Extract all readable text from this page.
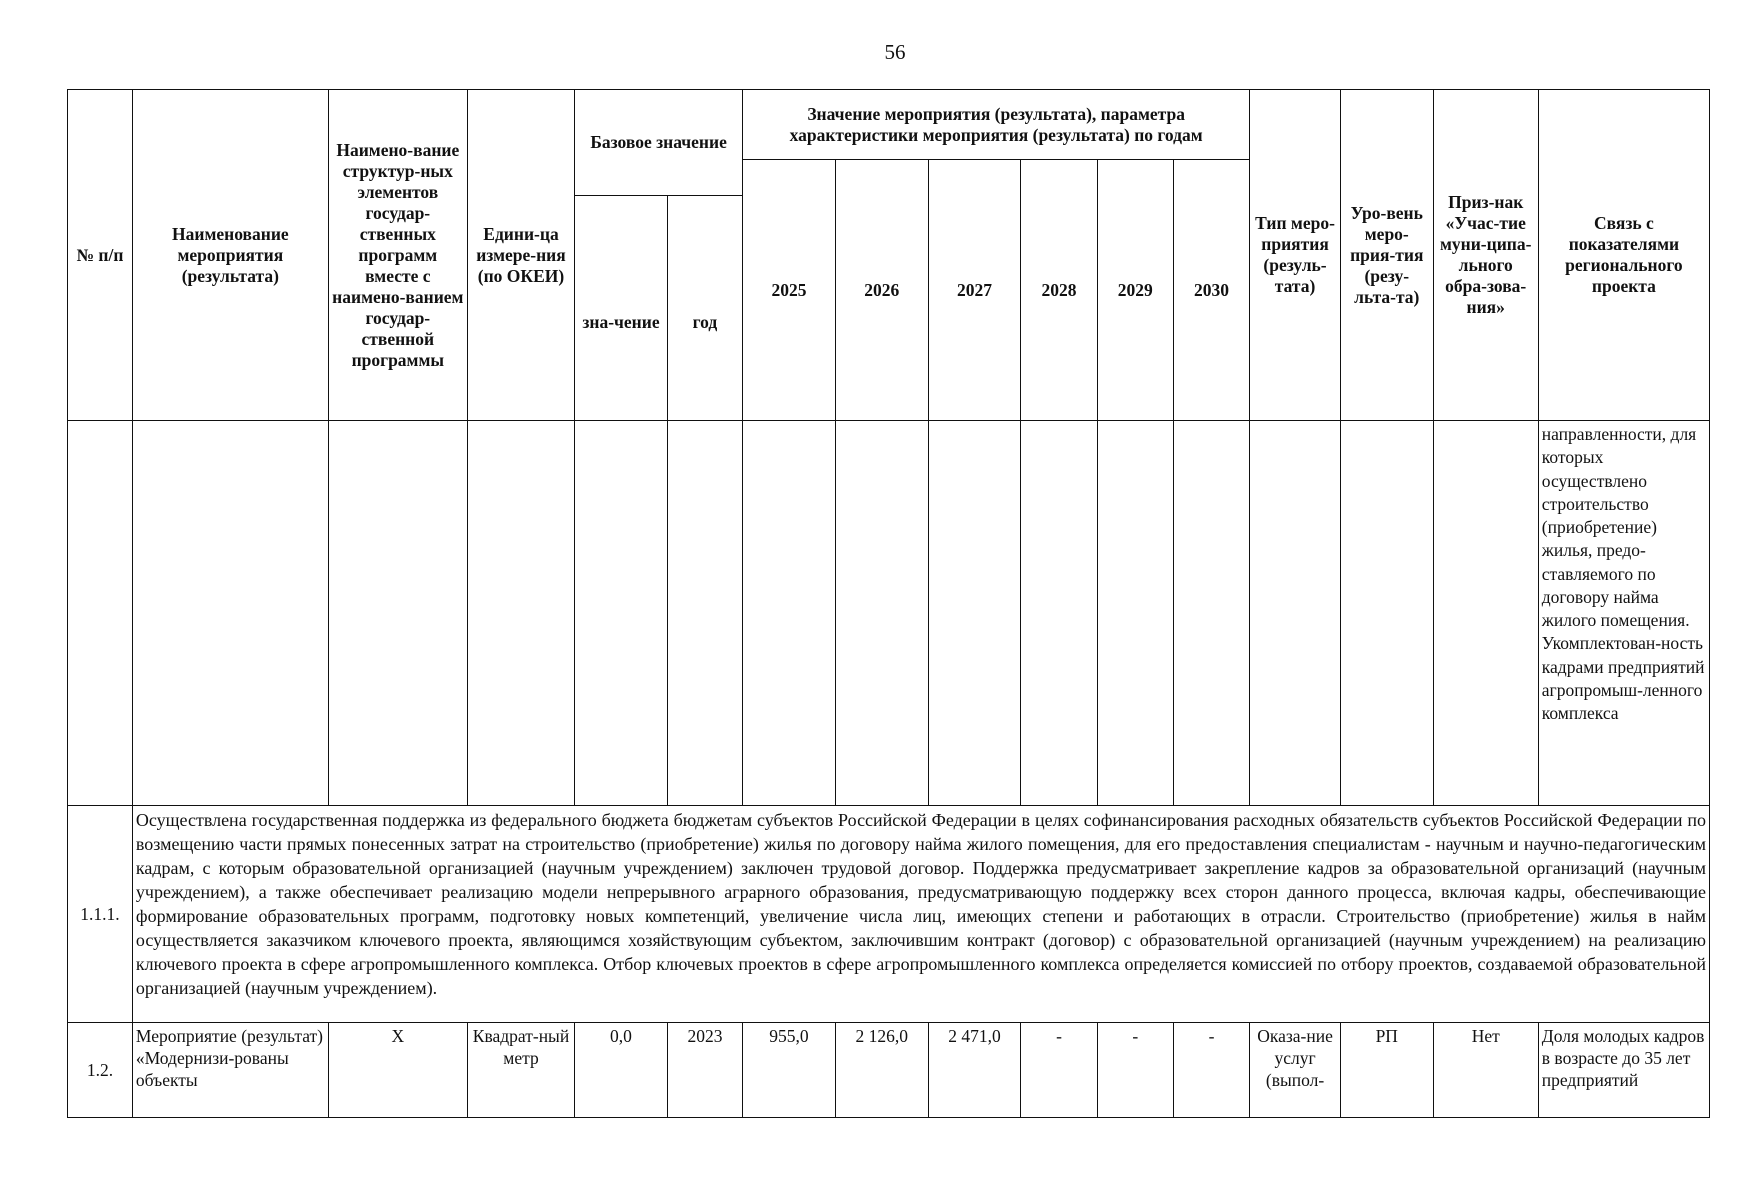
56
№ п/п	Наименование мероприятия (результата)	Наимено-вание структур-ных элементов государ-ственных программ вместе с наимено-ванием государ-ственной программы	Едини-ца измере-ния (по ОКЕИ)	Базовое значение		Значение мероприятия (результата), параметра характеристики мероприятия (результата) по годам						Тип меро-приятия (резуль-тата)	Уро-вень меро-прия-тия (резу-льта-та)	Приз-нак «Учас-тие муни-ципа-льного обра-зова-ния»	Связь с показателями регионального проекта
						2025	2026	2027	2028	2029	2030				
				зна-чение	год										
															направленности, для которых осуществлено строительство (приобретение) жилья, предо-ставляемого по договору найма жилого помещения. Укомплектован-ность кадрами предприятий агропромыш-ленного комплекса
1.1.1.	Осуществлена государственная поддержка из федерального бюджета бюджетам субъектов Российской Федерации в целях софинансирования расходных обязательств субъектов Российской Федерации по возмещению части прямых понесенных затрат на строительство (приобретение) жилья по договору найма жилого помещения, для его предоставления специалистам - научным и научно-педагогическим кадрам, с которым образовательной организацией (научным учреждением) заключен трудовой договор. Поддержка предусматривает закрепление кадров за образовательной организаций (научным учреждением), а также обеспечивает реализацию модели непрерывного аграрного образования, предусматривающую поддержку всех сторон данного процесса, включая кадры, обеспечивающие формирование образовательных программ, подготовку новых компетенций, увеличение числа лиц, имеющих степени и работающих в отрасли. Строительство (приобретение) жилья в найм осуществляется заказчиком ключевого проекта, являющимся хозяйствующим субъектом, заключившим контракт (договор) с образовательной организацией (научным учреждением) на реализацию ключевого проекта в сфере агропромышленного комплекса. Отбор ключевых проектов в сфере агропромышленного комплекса определяется комиссией по отбору проектов, создаваемой образовательной организацией (научным учреждением).														
1.2.	Мероприятие (результат) «Модернизи-рованы объекты	X	Квадрат-ный метр	0,0	2023	955,0	2 126,0	2 471,0	-	-	-	Оказа-ние услуг (выпол-	РП	Нет	Доля молодых кадров в возрасте до 35 лет предприятий
